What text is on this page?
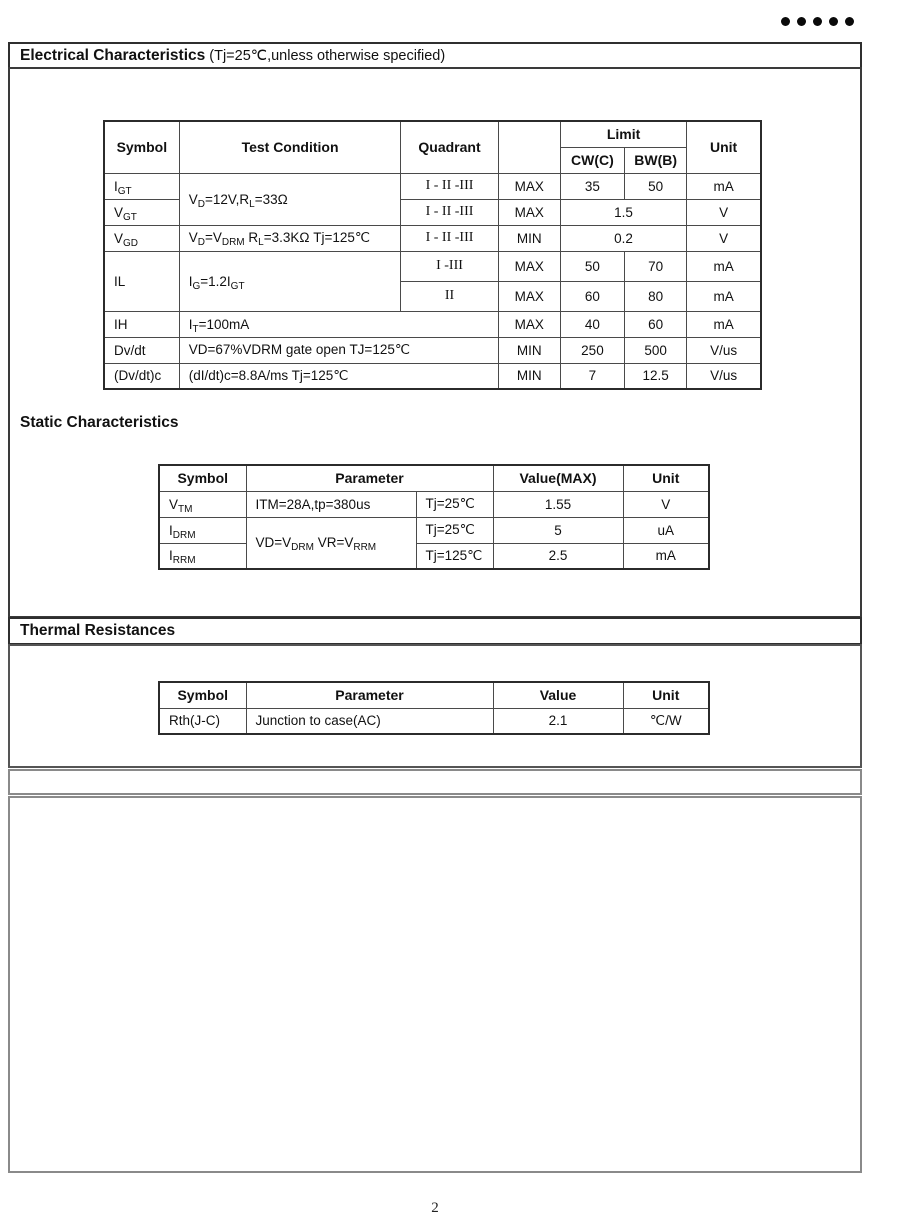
Electrical Characteristics (Tj=25℃,unless otherwise specified)
Symbol	Test Condition	Quadrant		Limit		Unit
				CW(C)	BW(B)	
$I_{GT}$	$V_D=12V,R_L=33\Omega$	I - II -III	MAX	35	50	mA
$V_{GT}$		I - II -III	MAX	1.5		V
$V_{GD}$	$V_D=V_{DRM}$ $R_L=3.3K\Omega$ Tj=125℃	I - II -III	MIN	0.2		V
IL	$I_G=1.2I_{GT}$	I -III	MAX	50	70	mA
		II	MAX	60	80	mA
IH	$I_T=100mA$		MAX	40	60	mA
Dv/dt	VD=67%VDRM gate open TJ=125℃		MIN	250	500	V/us
(Dv/dt)c	(dI/dt)c=8.8A/ms Tj=125℃		MIN	7	12.5	V/us
Static Characteristics
Symbol	Parameter		Value(MAX)	Unit
$V_{TM}$	ITM=28A,tp=380us	Tj=25℃	1.55	V
$I_{DRM}$	$VD=V_{DRM}$ $VR=V_{RRM}$	Tj=25℃	5	uA
$I_{RRM}$		Tj=125℃	2.5	mA
Thermal Resistances
Symbol	Parameter	Value	Unit
Rth(J-C)	Junction to case(AC)	2.1	℃/W
2
